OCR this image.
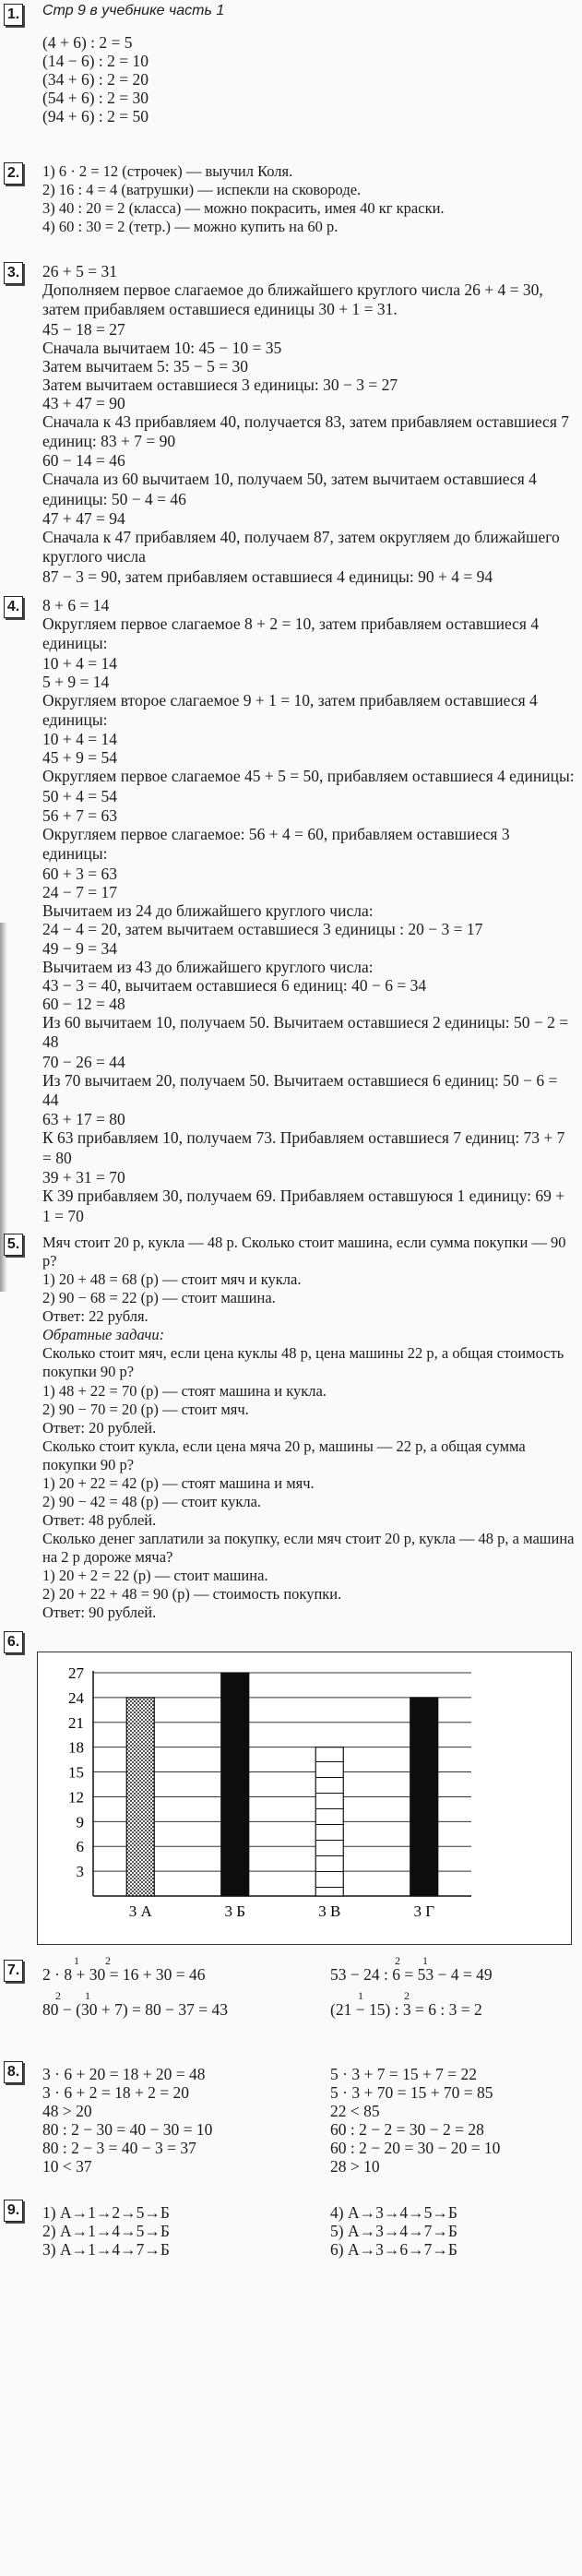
1. Стр 9 в учебнике часть 1
(4 + 6) : 2 = 5
(14 − 6) : 2 = 10
(34 + 6) : 2 = 20
(54 + 6) : 2 = 30
(94 + 6) : 2 = 50
2. 1) 6 · 2 = 12 (строчек) — выучил Коля.
2) 16 : 4 = 4 (ватрушки) — испекли на сковороде.
3) 40 : 20 = 2 (класса) — можно покрасить, имея 40 кг краски.
4) 60 : 30 = 2 (тетр.) — можно купить на 60 р.
3. 26 + 5 = 31
Дополняем первое слагаемое до ближайшего круглого числа 26 + 4 = 30, затем прибавляем оставшиеся единицы 30 + 1 = 31.
45 − 18 = 27
Сначала вычитаем 10: 45 − 10 = 35
Затем вычитаем 5: 35 − 5 = 30
Затем вычитаем оставшиеся 3 единицы: 30 − 3 = 27
43 + 47 = 90
Сначала к 43 прибавляем 40, получается 83, затем прибавляем оставшиеся 7 единиц: 83 + 7 = 90
60 − 14 = 46
Сначала из 60 вычитаем 10, получаем 50, затем вычитаем оставшиеся 4 единицы: 50 − 4 = 46
47 + 47 = 94
Сначала к 47 прибавляем 40, получаем 87, затем округляем до ближайшего круглого числа
87 − 3 = 90, затем прибавляем оставшиеся 4 единицы: 90 + 4 = 94
4. 8 + 6 = 14
Округляем первое слагаемое 8 + 2 = 10, затем прибавляем оставшиеся 4 единицы:
10 + 4 = 14
5 + 9 = 14
Округляем второе слагаемое 9 + 1 = 10, затем прибавляем оставшиеся 4 единицы:
10 + 4 = 14
45 + 9 = 54
Округляем первое слагаемое 45 + 5 = 50, прибавляем оставшиеся 4 единицы: 50 + 4 = 54
56 + 7 = 63
Округляем первое слагаемое: 56 + 4 = 60, прибавляем оставшиеся 3 единицы:
60 + 3 = 63
24 − 7 = 17
Вычитаем из 24 до ближайшего круглого числа:
24 − 4 = 20, затем вычитаем оставшиеся 3 единицы : 20 − 3 = 17
49 − 9 = 34
Вычитаем из 43 до ближайшего круглого числа:
43 − 3 = 40, вычитаем оставшиеся 6 единиц: 40 − 6 = 34
60 − 12 = 48
Из 60 вычитаем 10, получаем 50. Вычитаем оставшиеся 2 единицы: 50 − 2 = 48
70 − 26 = 44
Из 70 вычитаем 20, получаем 50. Вычитаем оставшиеся 6 единиц: 50 − 6 = 44
63 + 17 = 80
К 63 прибавляем 10, получаем 73. Прибавляем оставшиеся 7 единиц: 73 + 7 = 80
39 + 31 = 70
К 39 прибавляем 30, получаем 69. Прибавляем оставшуюся 1 единицу: 69 + 1 = 70
5. Мяч стоит 20 р, кукла — 48 р. Сколько стоит машина, если сумма покупки — 90 р?
1) 20 + 48 = 68 (р) — стоит мяч и кукла.
2) 90 − 68 = 22 (р) — стоит машина.
Ответ: 22 рубля.
Обратные задачи:
Сколько стоит мяч, если цена куклы 48 р, цена машины 22 р, а общая стоимость покупки 90 р?
1) 48 + 22 = 70 (р) — стоят машина и кукла.
2) 90 − 70 = 20 (р) — стоит мяч.
Ответ: 20 рублей.
Сколько стоит кукла, если цена мяча 20 р, машины — 22 р, а общая сумма покупки 90 р?
1) 20 + 22 = 42 (р) — стоят машина и мяч.
2) 90 − 42 = 48 (р) — стоит кукла.
Ответ: 48 рублей.
Сколько денег заплатили за покупку, если мяч стоит 20 р, кукла — 48 р, а машина на 2 р дороже мяча?
1) 20 + 2 = 22 (р) — стоит машина.
2) 20 + 22 + 48 = 90 (р) — стоимость покупки.
Ответ: 90 рублей.
6.
3
6
9
12
15
18
21
24
27
3 А	3 Б	3 В	3 Г
7.
1 2
2 · 8 + 30 = 16 + 30 = 46
1
2
80 − (30 + 7) = 80 − 37 = 43
2 1
53 − 24 : 6 = 53 − 4 = 49
1	2
(21 − 15) : 3 = 6 : 3 = 2
8. 3 · 6 + 20 = 18 + 20 = 48
3 · 6 + 2 = 18 + 2 = 20
48 > 20
80 : 2 − 30 = 40 − 30 = 10
80 : 2 − 3 = 40 − 3 = 37
10 < 37
5 · 3 + 7 = 15 + 7 = 22
5 · 3 + 70 = 15 + 70 = 85
22 < 85
60 : 2 − 2 = 30 − 2 = 28
60 : 2 − 20 = 30 − 20 = 10
28 > 10
9. 1) А→1→2→5→Б
2) А→1→4→5→Б
3) А→1→4→7→Б
4) А→3→4→5→Б
5) А→3→4→7→Б
6) А→3→6→7→Б
